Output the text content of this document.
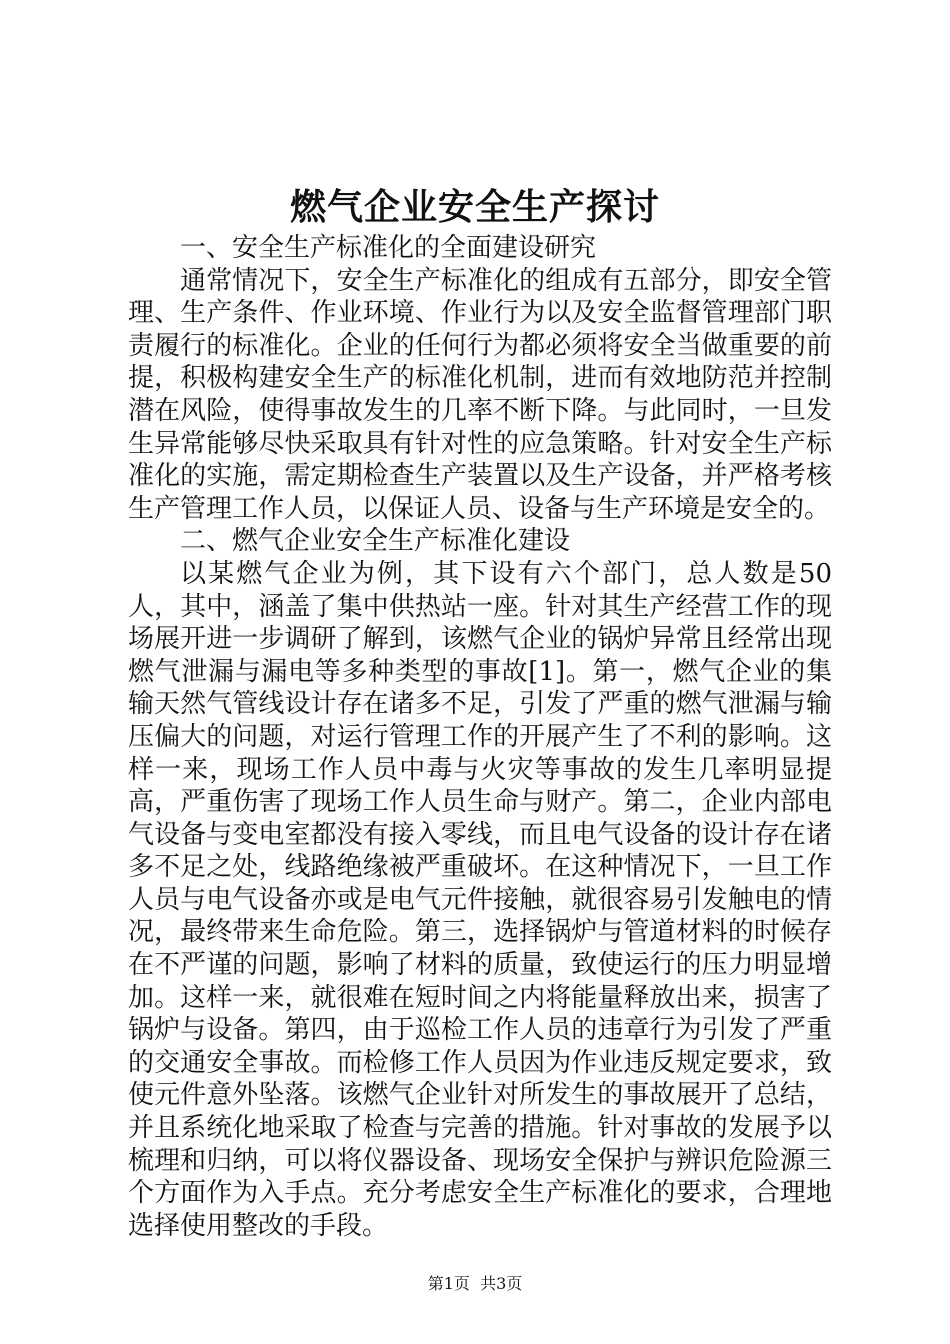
燃气企业安全生产探讨

一、安全生产标准化的全面建设研究

通常情况下，安全生产标准化的组成有五部分，即安全管理、生产条件、作业环境、作业行为以及安全监督管理部门职责履行的标准化。企业的任何行为都必须将安全当做重要的前提，积极构建安全生产的标准化机制，进而有效地防范并控制潜在风险，使得事故发生的几率不断下降。与此同时，一旦发生异常能够尽快采取具有针对性的应急策略。针对安全生产标准化的实施，需定期检查生产装置以及生产设备，并严格考核生产管理工作人员，以保证人员、设备与生产环境是安全的。

二、燃气企业安全生产标准化建设

以某燃气企业为例，其下设有六个部门，总人数是50人，其中，涵盖了集中供热站一座。针对其生产经营工作的现场展开进一步调研了解到，该燃气企业的锅炉异常且经常出现燃气泄漏与漏电等多种类型的事故[1]。第一，燃气企业的集输天然气管线设计存在诸多不足，引发了严重的燃气泄漏与输压偏大的问题，对运行管理工作的开展产生了不利的影响。这样一来，现场工作人员中毒与火灾等事故的发生几率明显提高，严重伤害了现场工作人员生命与财产。第二，企业内部电气设备与变电室都没有接入零线，而且电气设备的设计存在诸多不足之处，线路绝缘被严重破坏。在这种情况下，一旦工作人员与电气设备亦或是电气元件接触，就很容易引发触电的情况，最终带来生命危险。第三，选择锅炉与管道材料的时候存在不严谨的问题，影响了材料的质量，致使运行的压力明显增加。这样一来，就很难在短时间之内将能量释放出来，损害了锅炉与设备。第四，由于巡检工作人员的违章行为引发了严重的交通安全事故。而检修工作人员因为作业违反规定要求，致使元件意外坠落。该燃气企业针对所发生的事故展开了总结，并且系统化地采取了检查与完善的措施。针对事故的发展予以梳理和归纳，可以将仪器设备、现场安全保护与辨识危险源三个方面作为入手点。充分考虑安全生产标准化的要求，合理地选择使用整改的手段。

第1页  共3页
